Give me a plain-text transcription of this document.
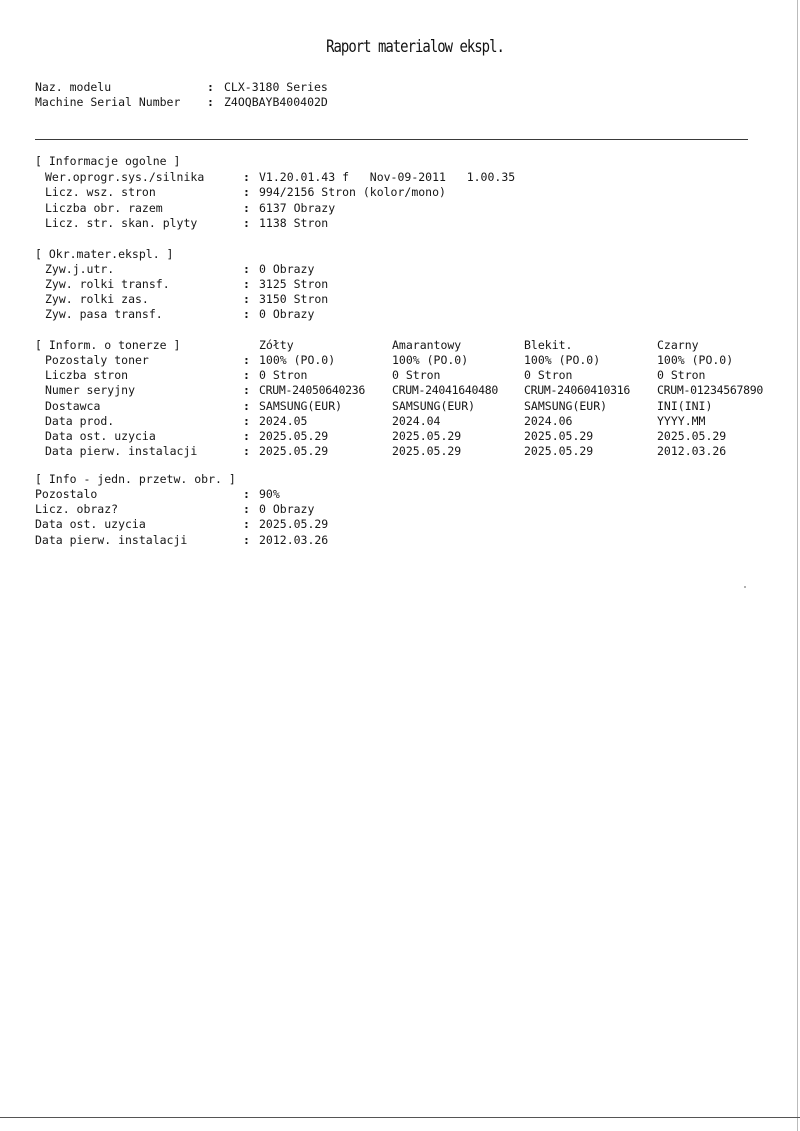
Raport materialow ekspl.
Naz. modelu	: CLX-3180 Series
Machine Serial Number : Z4OQBAYB400402D
[ Informacje ogolne ]
Wer.oprogr.sys./silnika	: V1.20.01.43 f   Nov-09-2011   1.00.35
Licz. wsz. stron	: 994/2156 Stron (kolor/mono)
Liczba obr. razem	: 6137 Obrazy
Licz. str. skan. plyty	: 1138 Stron
[ Okr.mater.ekspl. ]
Zyw.j.utr.	: 0 Obrazy
Zyw. rolki transf.	: 3125 Stron
Zyw. rolki zas.	: 3150 Stron
Zyw. pasa transf.	: 0 Obrazy
[ Inform. o tonerze ]	Zółty	Amarantowy	Blekit.	Czarny
Pozostaly toner	: 100% (PO.0)	100% (PO.0)	100% (PO.0)	100% (PO.0)
Liczba stron	: 0 Stron	0 Stron	0 Stron	0 Stron
Numer seryjny	: CRUM-24050640236 CRUM-24041640480 CRUM-24060410316 CRUM-01234567890
Dostawca	: SAMSUNG(EUR)	SAMSUNG(EUR)	SAMSUNG(EUR)	INI(INI)
Data prod.	: 2024.05	2024.04	2024.06	YYYY.MM
Data ost. uzycia	: 2025.05.29	2025.05.29	2025.05.29	2025.05.29
Data pierw. instalacji	: 2025.05.29	2025.05.29	2025.05.29	2012.03.26
[ Info - jedn. przetw. obr. ]
Pozostalo	: 90%
Licz. obraz?	: 0 Obrazy
Data ost. uzycia	: 2025.05.29
Data pierw. instalacji	: 2012.03.26
